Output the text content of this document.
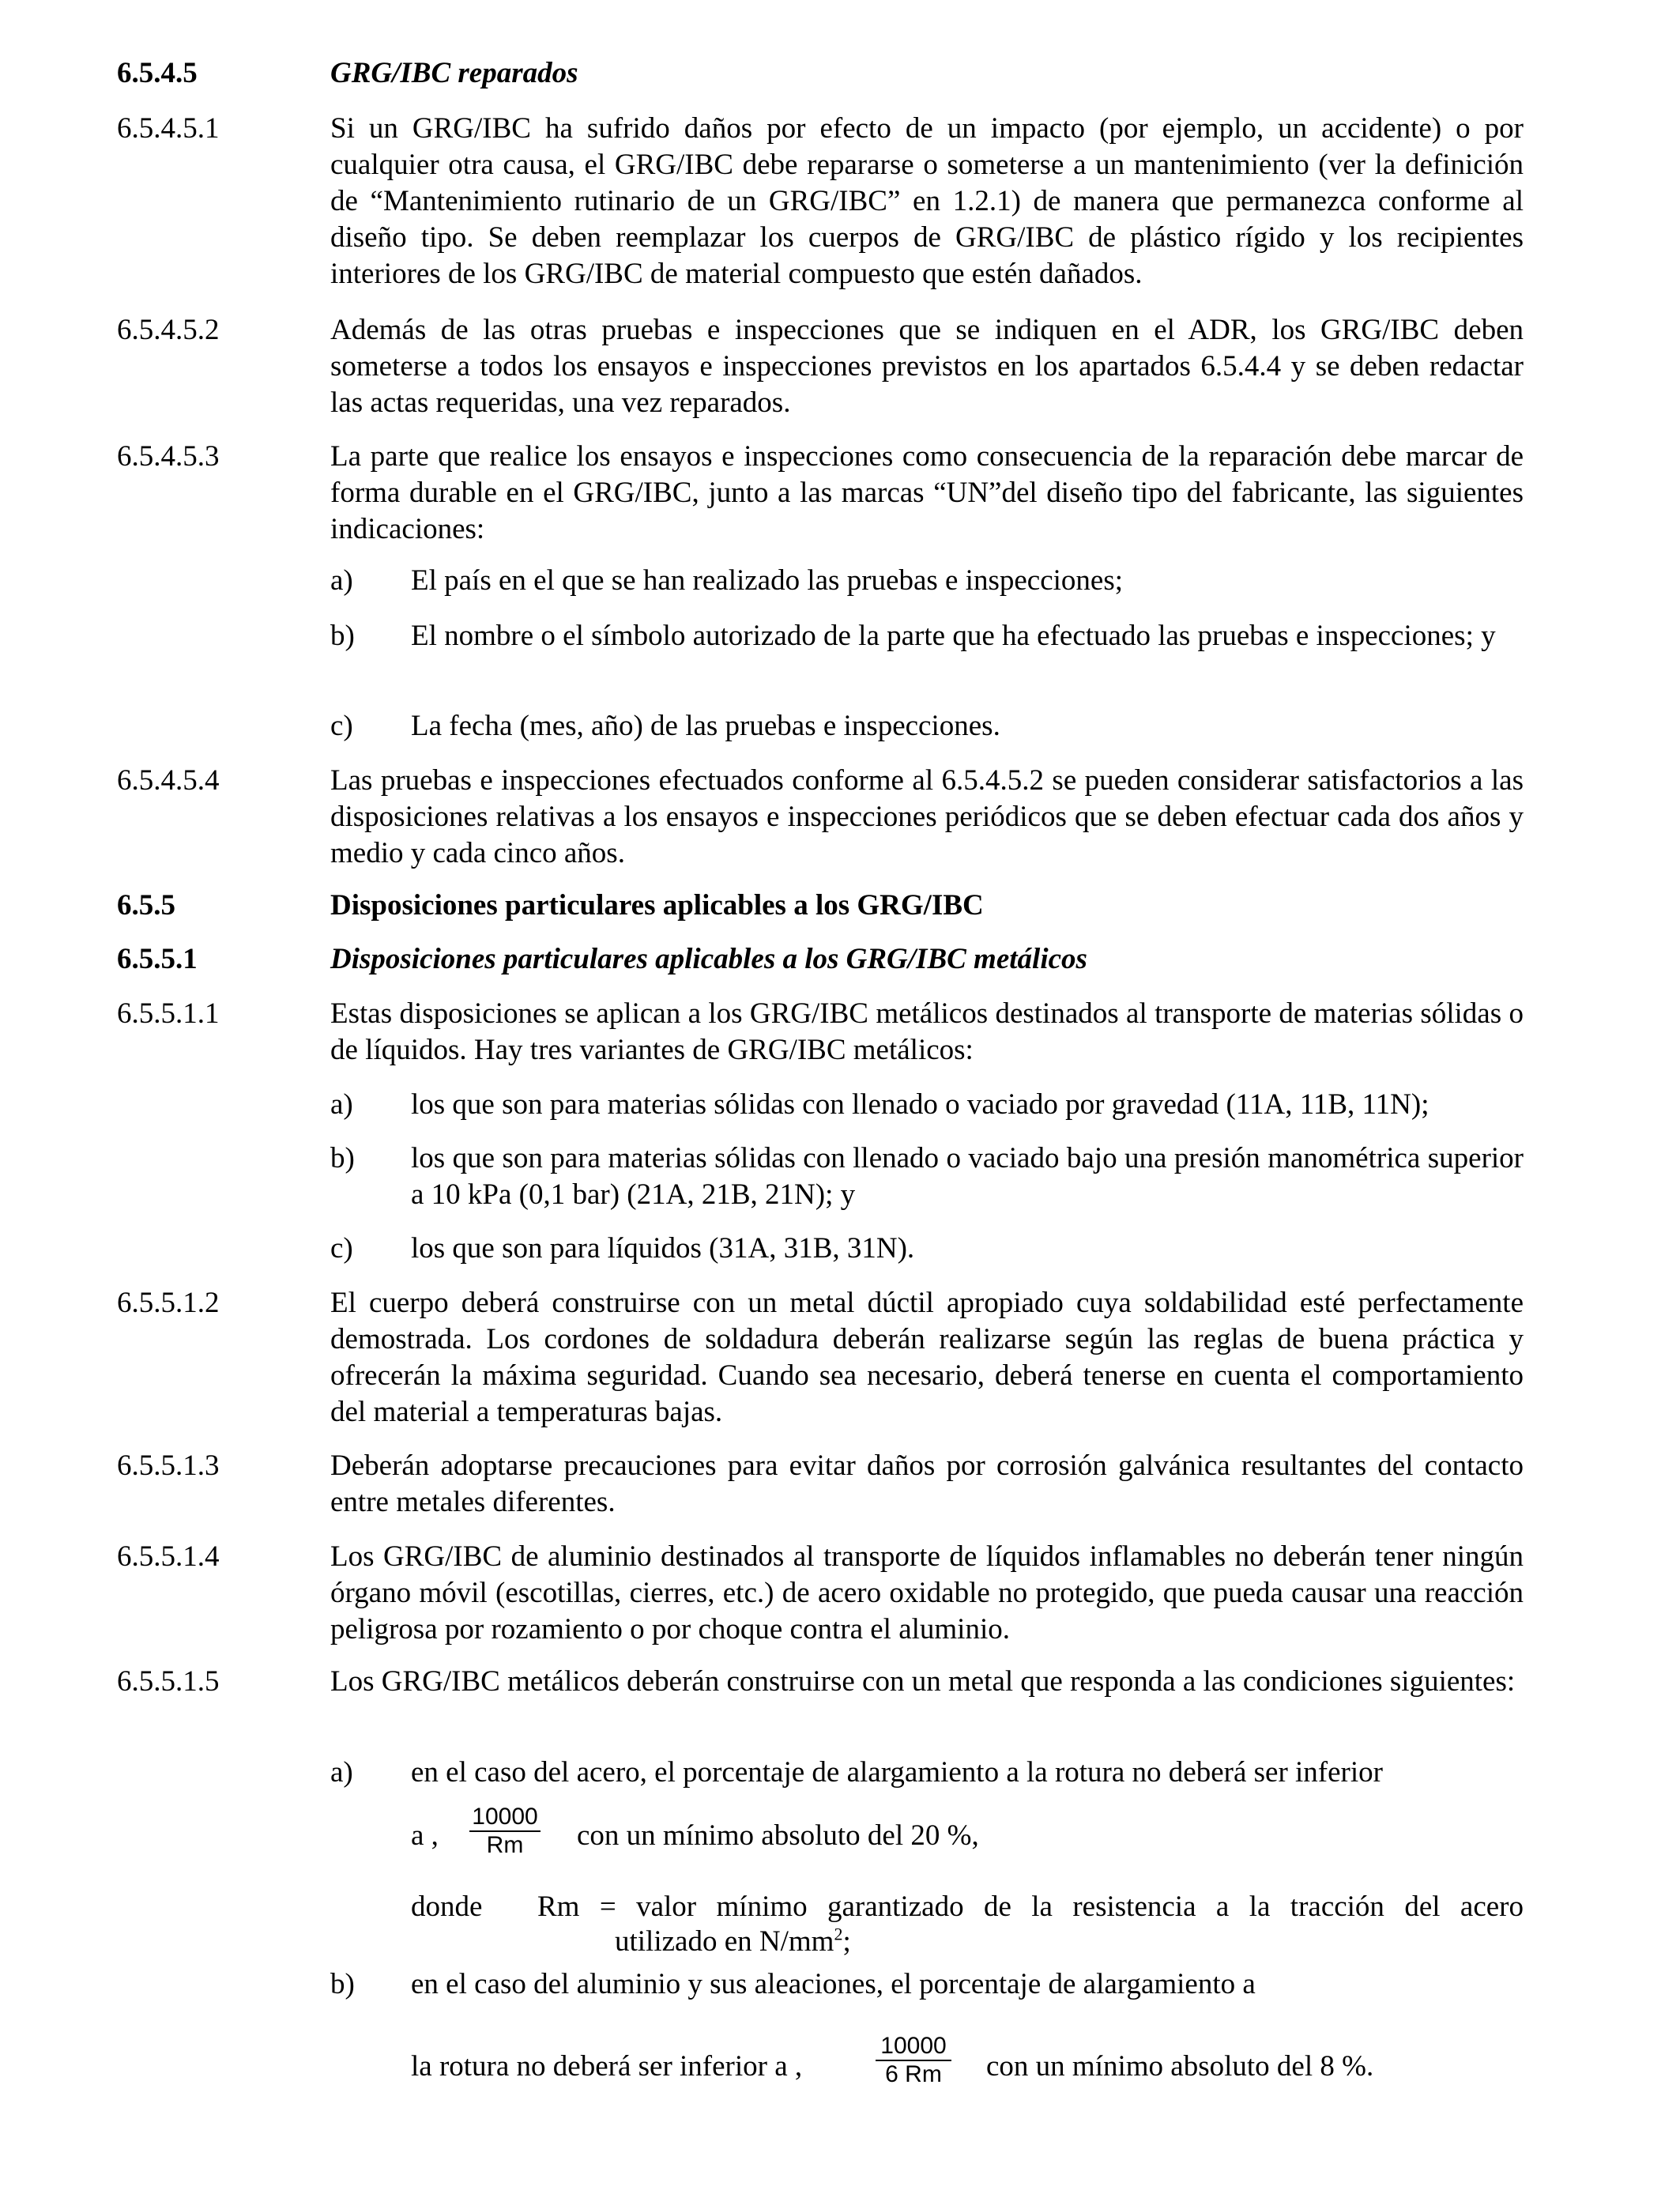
6.5.4.5	GRG/IBC reparados
6.5.4.5.1	Si un GRG/IBC ha sufrido daños por efecto de un impacto (por ejemplo, un accidente) o por cualquier otra causa, el GRG/IBC debe repararse o someterse a un mantenimiento (ver la definición de “Mantenimiento rutinario de un GRG/IBC” en 1.2.1) de manera que permanezca conforme al diseño tipo. Se deben reemplazar los cuerpos de GRG/IBC de plástico rígido y los recipientes interiores de los GRG/IBC de material compuesto que estén dañados.
6.5.4.5.2	Además de las otras pruebas e inspecciones que se indiquen en el ADR, los GRG/IBC deben someterse a todos los ensayos e inspecciones previstos en los apartados 6.5.4.4 y se deben redactar las actas requeridas, una vez reparados.
6.5.4.5.3	La parte que realice los ensayos e inspecciones como consecuencia de la reparación debe marcar de forma durable en el GRG/IBC, junto a las marcas “UN”del diseño tipo del fabricante, las siguientes indicaciones:
a) El país en el que se han realizado las pruebas e inspecciones;
b) El nombre o el símbolo autorizado de la parte que ha efectuado las pruebas e inspecciones; y
c) La fecha (mes, año) de las pruebas e inspecciones.
6.5.4.5.4	Las pruebas e inspecciones efectuados conforme al 6.5.4.5.2 se pueden considerar satisfactorios a las disposiciones relativas a los ensayos e inspecciones periódicos que se deben efectuar cada dos años y medio y cada cinco años.
6.5.5	Disposiciones particulares aplicables a los GRG/IBC
6.5.5.1	Disposiciones particulares aplicables a los GRG/IBC metálicos
6.5.5.1.1	Estas disposiciones se aplican a los GRG/IBC metálicos destinados al transporte de materias sólidas o de líquidos. Hay tres variantes de GRG/IBC metálicos:
a) los que son para materias sólidas con llenado o vaciado por gravedad (11A, 11B, 11N);
b) los que son para materias sólidas con llenado o vaciado bajo una presión manométrica superior a 10 kPa (0,1 bar) (21A, 21B, 21N); y
c) los que son para líquidos (31A, 31B, 31N).
6.5.5.1.2	El cuerpo deberá construirse con un metal dúctil apropiado cuya soldabilidad esté perfectamente demostrada. Los cordones de soldadura deberán realizarse según las reglas de buena práctica y ofrecerán la máxima seguridad. Cuando sea necesario, deberá tenerse en cuenta el comportamiento del material a temperaturas bajas.
6.5.5.1.3	Deberán adoptarse precauciones para evitar daños por corrosión galvánica resultantes del contacto entre metales diferentes.
6.5.5.1.4	Los GRG/IBC de aluminio destinados al transporte de líquidos inflamables no deberán tener ningún órgano móvil (escotillas, cierres, etc.) de acero oxidable no protegido, que pueda causar una reacción peligrosa por rozamiento o por choque contra el aluminio.
6.5.5.1.5	Los GRG/IBC metálicos deberán construirse con un metal que responda a las condiciones siguientes:
a) en el caso del acero, el porcentaje de alargamiento a la rotura no deberá ser inferior
a , $\frac{10000}{Rm}$ con un mínimo absoluto del 20 %,
donde Rm = valor mínimo garantizado de la resistencia a la tracción del acero
utilizado en $N/mm^2$;
b) en el caso del aluminio y sus aleaciones, el porcentaje de alargamiento a
la rotura no deberá ser inferior a ,	$\frac{10000}{6 Rm}$ con un mínimo absoluto del 8 %.
